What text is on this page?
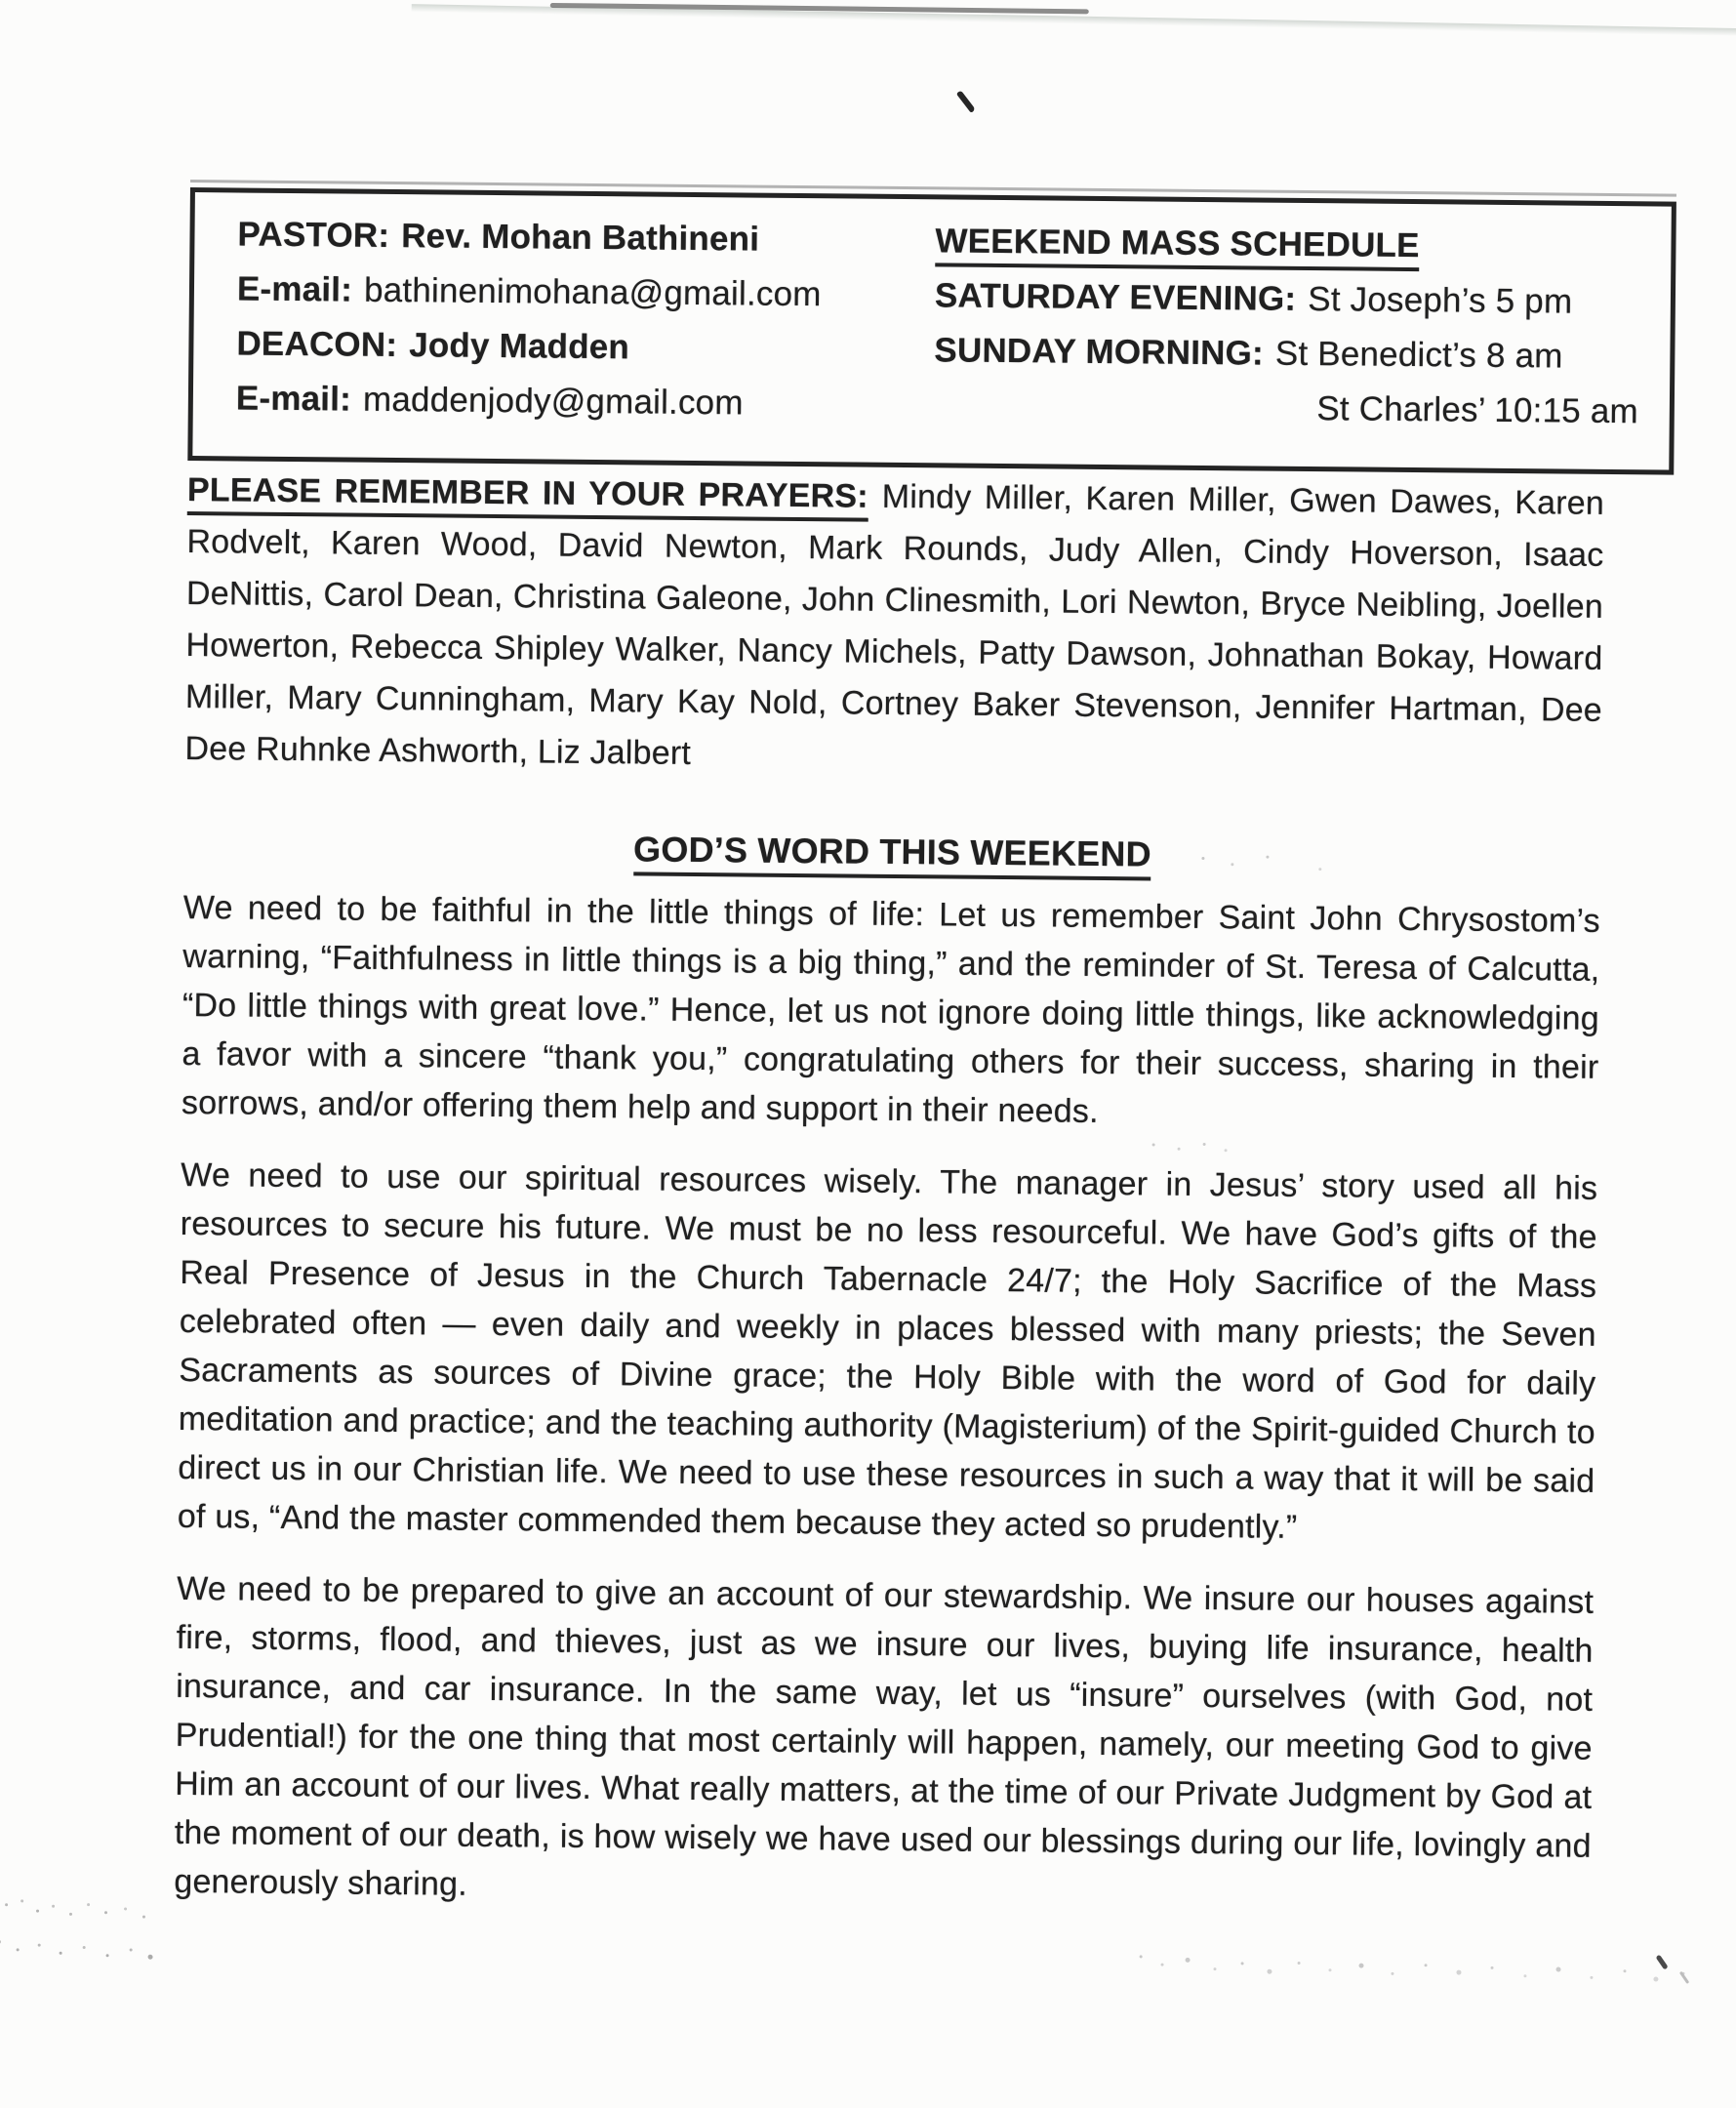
PASTOR: Rev. Mohan Bathineni
E-mail: bathinenimohana@gmail.com
DEACON: Jody Madden
E-mail: maddenjody@gmail.com
WEEKEND MASS SCHEDULE
SATURDAY EVENING: St Joseph’s 5 pm
SUNDAY MORNING: St Benedict’s 8 am
St Charles’ 10:15 am

PLEASE REMEMBER IN YOUR PRAYERS: Mindy Miller, Karen Miller, Gwen Dawes, Karen Rodvelt, Karen Wood, David Newton, Mark Rounds, Judy Allen, Cindy Hoverson, Isaac DeNittis, Carol Dean, Christina Galeone, John Clinesmith, Lori Newton, Bryce Neibling, Joellen Howerton, Rebecca Shipley Walker, Nancy Michels, Patty Dawson, Johnathan Bokay, Howard Miller, Mary Cunningham, Mary Kay Nold, Cortney Baker Stevenson, Jennifer Hartman, Dee Dee Ruhnke Ashworth, Liz Jalbert

GOD’S WORD THIS WEEKEND

We need to be faithful in the little things of life: Let us remember Saint John Chrysostom’s warning, “Faithfulness in little things is a big thing,” and the reminder of St. Teresa of Calcutta, “Do little things with great love.” Hence, let us not ignore doing little things, like acknowledging a favor with a sincere “thank you,” congratulating others for their success, sharing in their sorrows, and/or offering them help and support in their needs.

We need to use our spiritual resources wisely. The manager in Jesus’ story used all his resources to secure his future. We must be no less resourceful. We have God’s gifts of the Real Presence of Jesus in the Church Tabernacle 24/7; the Holy Sacrifice of the Mass celebrated often — even daily and weekly in places blessed with many priests; the Seven Sacraments as sources of Divine grace; the Holy Bible with the word of God for daily meditation and practice; and the teaching authority (Magisterium) of the Spirit-guided Church to direct us in our Christian life. We need to use these resources in such a way that it will be said of us, “And the master commended them because they acted so prudently.”

We need to be prepared to give an account of our stewardship. We insure our houses against fire, storms, flood, and thieves, just as we insure our lives, buying life insurance, health insurance, and car insurance. In the same way, let us “insure” ourselves (with God, not Prudential!) for the one thing that most certainly will happen, namely, our meeting God to give Him an account of our lives. What really matters, at the time of our Private Judgment by God at the moment of our death, is how wisely we have used our blessings during our life, lovingly and generously sharing.
